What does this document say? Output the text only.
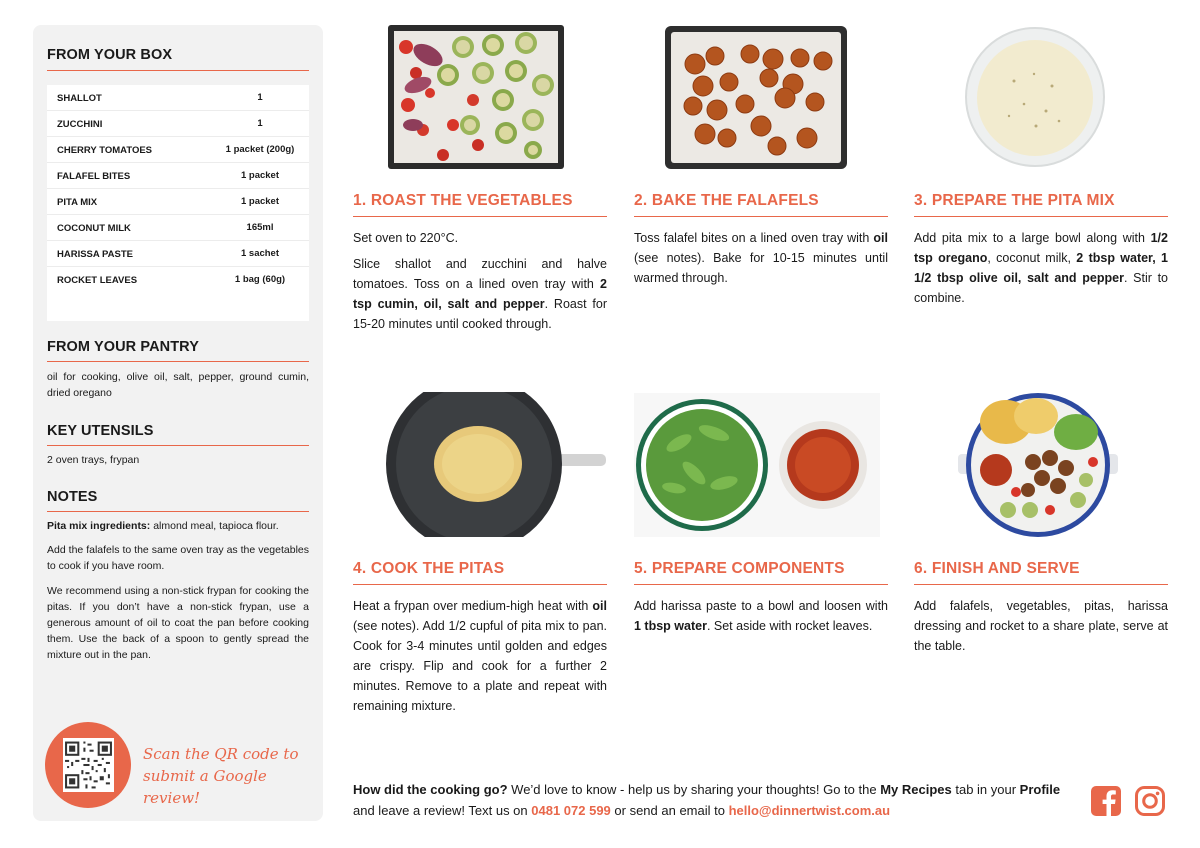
FROM YOUR BOX
SHALLOT	1
ZUCCHINI	1
CHERRY TOMATOES	1 packet (200g)
FALAFEL BITES	1 packet
PITA MIX	1 packet
COCONUT MILK	165ml
HARISSA PASTE	1 sachet
ROCKET LEAVES	1 bag (60g)
FROM YOUR PANTRY
oil for cooking, olive oil, salt, pepper, ground cumin, dried oregano
KEY UTENSILS
2 oven trays, frypan
NOTES
Pita mix ingredients: almond meal, tapioca flour.
Add the falafels to the same oven tray as the vegetables to cook if you have room.
We recommend using a non-stick frypan for cooking the pitas. If you don’t have a non-stick frypan, use a generous amount of oil to coat the pan before cooking them. Use the back of a spoon to gently spread the mixture out in the pan.
Scan the QR code to
submit a Google review!
1. ROAST THE VEGETABLES

Set oven to 220°C.

Slice shallot and zucchini and halve tomatoes. Toss on a lined oven tray with 2 tsp cumin, oil, salt and pepper. Roast for 15-20 minutes until cooked through.

2. BAKE THE FALAFELS

Toss falafel bites on a lined oven tray with oil (see notes). Bake for 10-15 minutes until warmed through.

3. PREPARE THE PITA MIX

Add pita mix to a large bowl along with 1/2 tsp oregano, coconut milk, 2 tbsp water, 1 1/2 tbsp olive oil, salt and pepper. Stir to combine.

4. COOK THE PITAS

Heat a frypan over medium-high heat with oil (see notes). Add 1/2 cupful of pita mix to pan. Cook for 3-4 minutes until golden and edges are crispy. Flip and cook for a further 2 minutes. Remove to a plate and repeat with remaining mixture.

5. PREPARE COMPONENTS

Add harissa paste to a bowl and loosen with 1 tbsp water. Set aside with rocket leaves.

6. FINISH AND SERVE

Add falafels, vegetables, pitas, harissa dressing and rocket to a share plate, serve at the table.

How did the cooking go? We’d love to know - help us by sharing your thoughts! Go to the My Recipes tab in your Profile and leave a review! Text us on 0481 072 599 or send an email to hello@dinnertwist.com.au
